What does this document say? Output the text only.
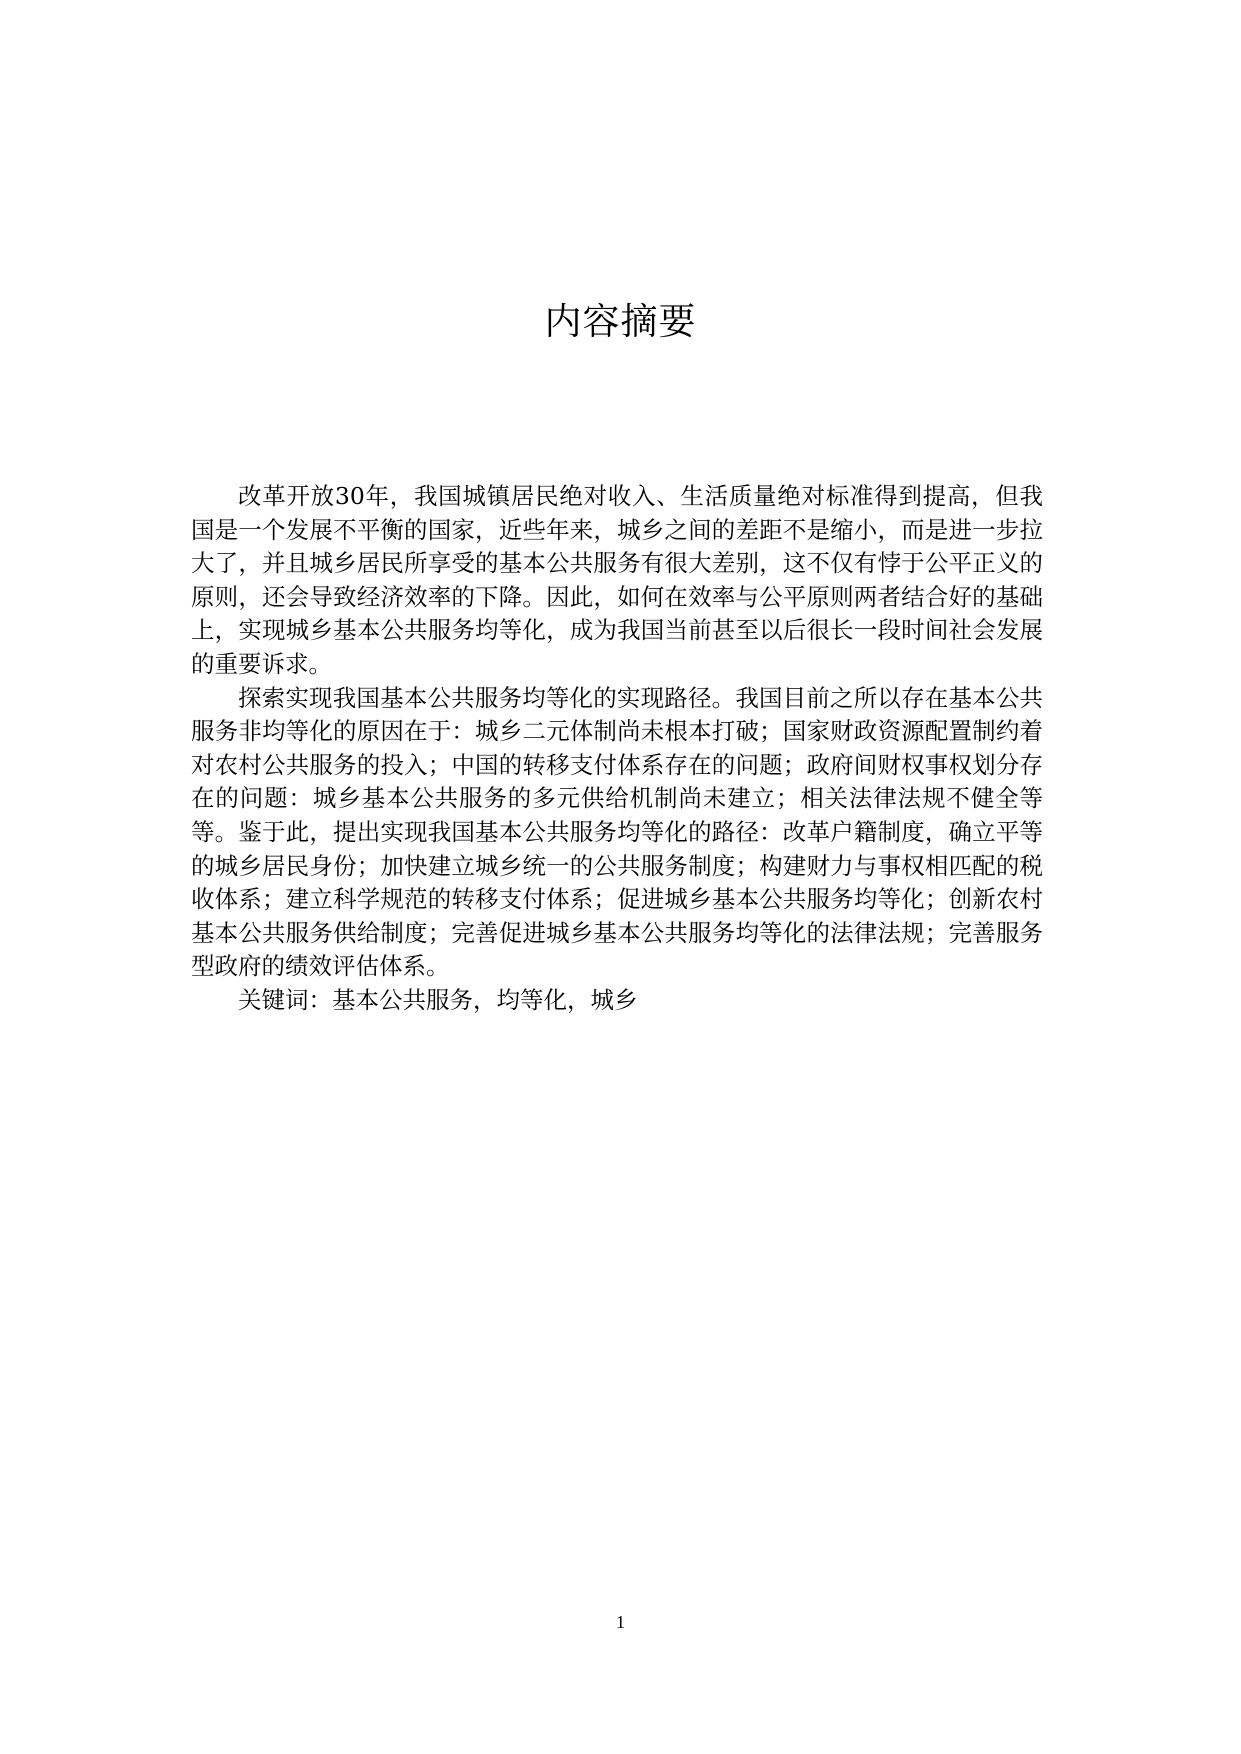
内容摘要

改革开放30年，我国城镇居民绝对收入、生活质量绝对标准得到提高，但我国是一个发展不平衡的国家，近些年来，城乡之间的差距不是缩小，而是进一步拉大了，并且城乡居民所享受的基本公共服务有很大差别，这不仅有悖于公平正义的原则，还会导致经济效率的下降。因此，如何在效率与公平原则两者结合好的基础上，实现城乡基本公共服务均等化，成为我国当前甚至以后很长一段时间社会发展的重要诉求。

探索实现我国基本公共服务均等化的实现路径。我国目前之所以存在基本公共服务非均等化的原因在于：城乡二元体制尚未根本打破；国家财政资源配置制约着对农村公共服务的投入；中国的转移支付体系存在的问题；政府间财权事权划分存在的问题：城乡基本公共服务的多元供给机制尚未建立；相关法律法规不健全等等。鉴于此，提出实现我国基本公共服务均等化的路径：改革户籍制度，确立平等的城乡居民身份；加快建立城乡统一的公共服务制度；构建财力与事权相匹配的税收体系；建立科学规范的转移支付体系；促进城乡基本公共服务均等化；创新农村基本公共服务供给制度；完善促进城乡基本公共服务均等化的法律法规；完善服务型政府的绩效评估体系。

关键词：基本公共服务，均等化，城乡

1
